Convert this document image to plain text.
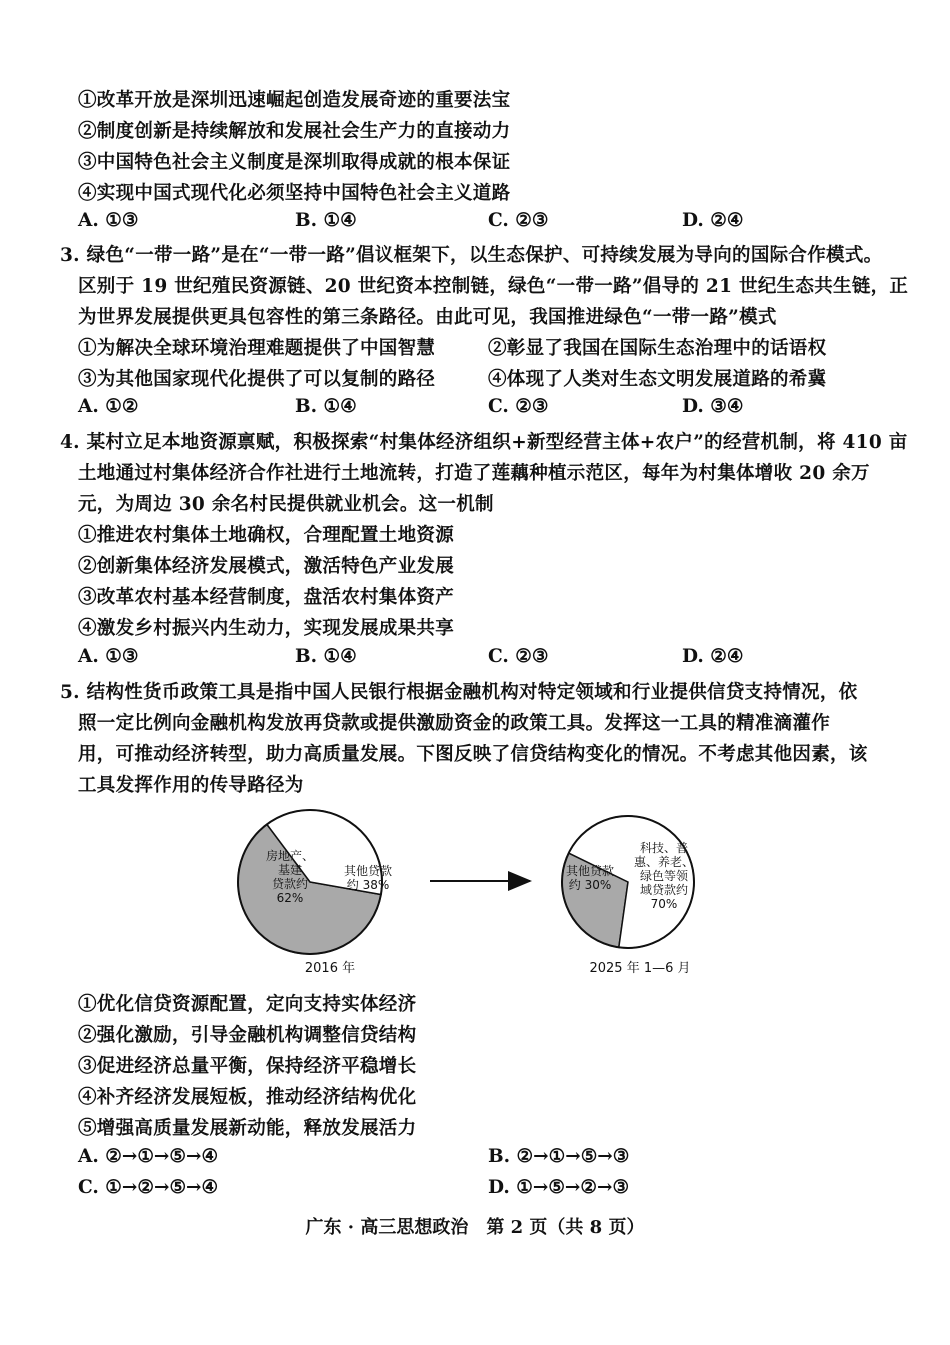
①改革开放是深圳迅速崛起创造发展奇迹的重要法宝
②制度创新是持续解放和发展社会生产力的直接动力
③中国特色社会主义制度是深圳取得成就的根本保证
④实现中国式现代化必须坚持中国特色社会主义道路
A. ①③	B. ①④	C. ②③	D. ②④
3. 绿色“一带一路”是在“一带一路”倡议框架下，以生态保护、可持续发展为导向的国际合作模式。
区别于 19 世纪殖民资源链、20 世纪资本控制链，绿色“一带一路”倡导的 21 世纪生态共生链，正
为世界发展提供更具包容性的第三条路径。由此可见，我国推进绿色“一带一路”模式
①为解决全球环境治理难题提供了中国智慧	②彰显了我国在国际生态治理中的话语权
③为其他国家现代化提供了可以复制的路径	④体现了人类对生态文明发展道路的希冀
A. ①②	B. ①④	C. ②③	D. ③④
4. 某村立足本地资源禀赋，积极探索“村集体经济组织+新型经营主体+农户”的经营机制，将 410 亩
土地通过村集体经济合作社进行土地流转，打造了莲藕种植示范区，每年为村集体增收 20 余万
元，为周边 30 余名村民提供就业机会。这一机制
①推进农村集体土地确权，合理配置土地资源
②创新集体经济发展模式，激活特色产业发展
③改革农村基本经营制度，盘活农村集体资产
④激发乡村振兴内生动力，实现发展成果共享
A. ①③	B. ①④	C. ②③	D. ②④
5. 结构性货币政策工具是指中国人民银行根据金融机构对特定领域和行业提供信贷支持情况，依
照一定比例向金融机构发放再贷款或提供激励资金的政策工具。发挥这一工具的精准滴灌作
用，可推动经济转型，助力高质量发展。下图反映了信贷结构变化的情况。不考虑其他因素，该
工具发挥作用的传导路径为
房地产、基建贷款约 62%
其他贷款约 38%
其他贷款约 30%
科技、普惠、养老、绿色等领域贷款约 70%
2016 年	2025 年 1—6 月
①优化信贷资源配置，定向支持实体经济
②强化激励，引导金融机构调整信贷结构
③促进经济总量平衡，保持经济平稳增长
④补齐经济发展短板，推动经济结构优化
⑤增强高质量发展新动能，释放发展活力
A. ②→①→⑤→④	B. ②→①→⑤→③
C. ①→②→⑤→④	D. ①→⑤→②→③
广东 · 高三思想政治　第 2 页（共 8 页）
